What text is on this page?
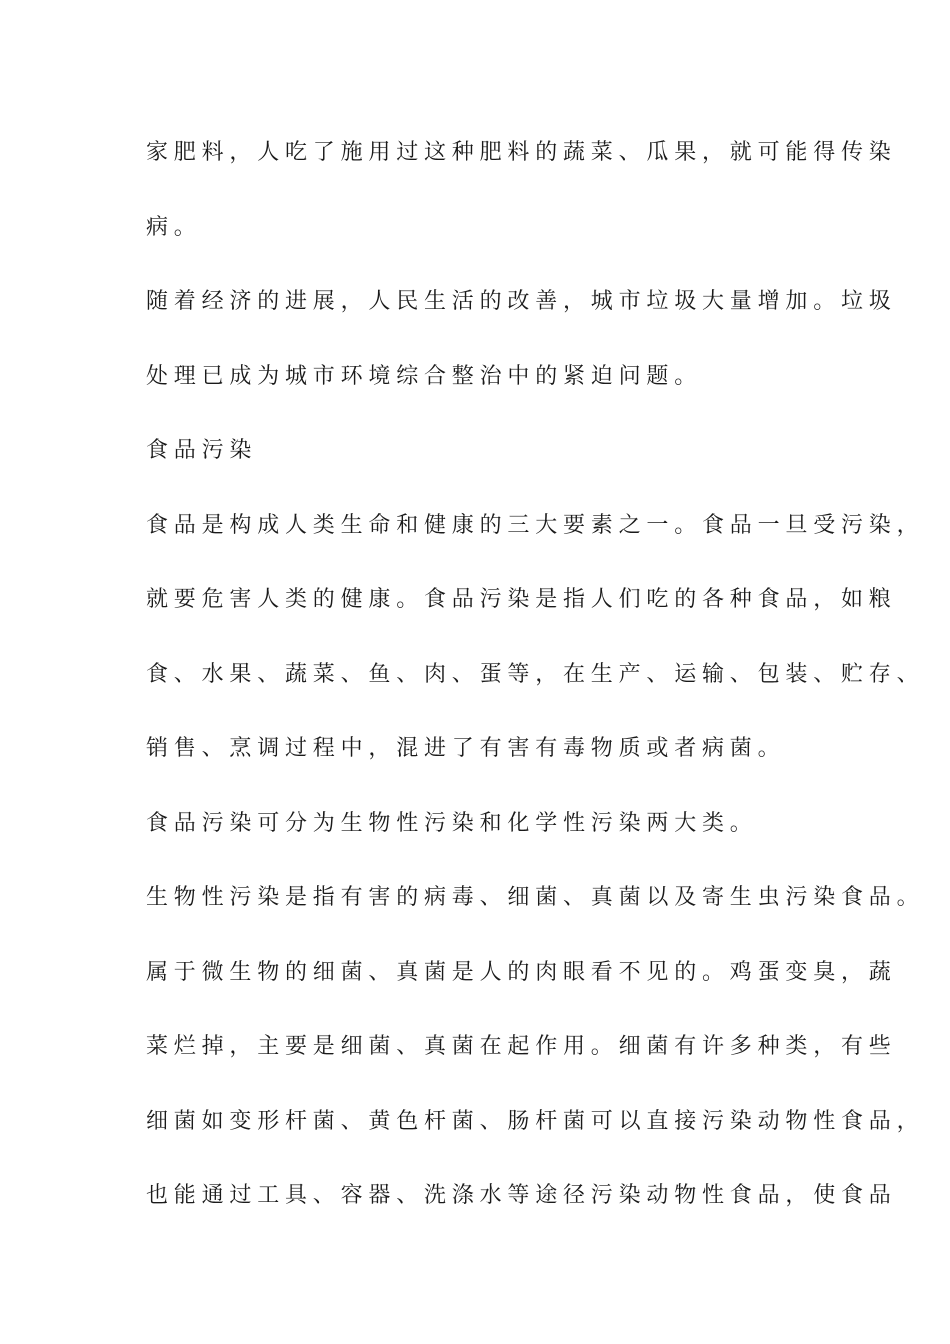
家肥料，人吃了施用过这种肥料的蔬菜、瓜果，就可能得传染
病。
随着经济的进展，人民生活的改善，城市垃圾大量增加。垃圾
处理已成为城市环境综合整治中的紧迫问题。
食品污染
食品是构成人类生命和健康的三大要素之一。食品一旦受污染，
就要危害人类的健康。食品污染是指人们吃的各种食品，如粮
食、水果、蔬菜、鱼、肉、蛋等，在生产、运输、包装、贮存、
销售、烹调过程中，混进了有害有毒物质或者病菌。
食品污染可分为生物性污染和化学性污染两大类。
生物性污染是指有害的病毒、细菌、真菌以及寄生虫污染食品。
属于微生物的细菌、真菌是人的肉眼看不见的。鸡蛋变臭，蔬
菜烂掉，主要是细菌、真菌在起作用。细菌有许多种类，有些
细菌如变形杆菌、黄色杆菌、肠杆菌可以直接污染动物性食品，
也能通过工具、容器、洗涤水等途径污染动物性食品，使食品
